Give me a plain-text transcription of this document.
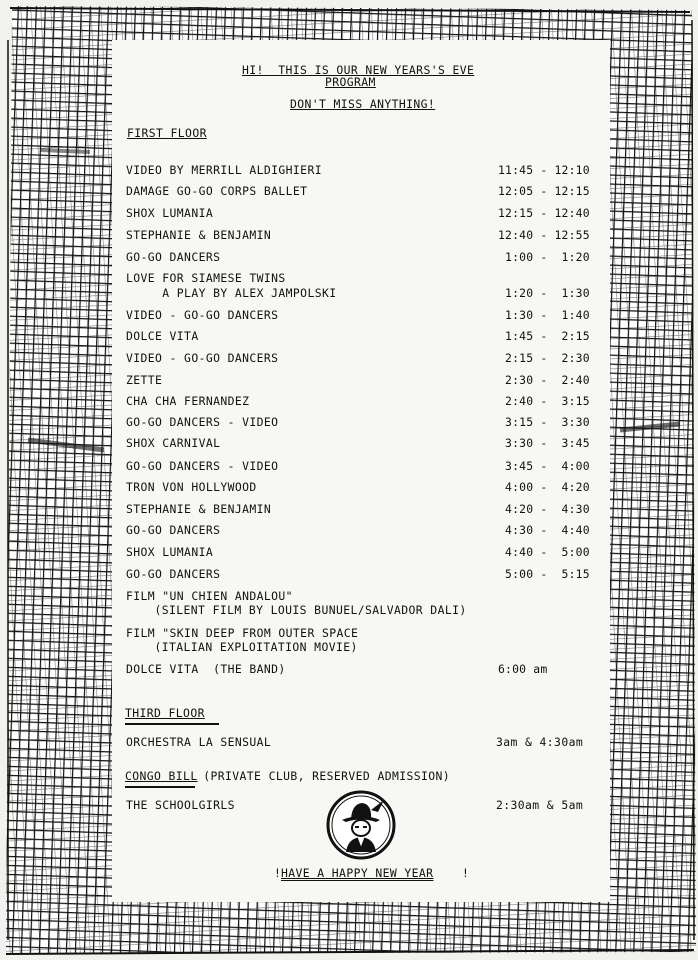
HI!  THIS IS OUR NEW YEARS'S EVE
PROGRAM
DON'T MISS ANYTHING!
FIRST FLOOR
VIDEO BY MERRILL ALDIGHIERI	11:45 - 12:10
DAMAGE GO-GO CORPS BALLET	12:05 - 12:15
SHOX LUMANIA	12:15 - 12:40
STEPHANIE & BENJAMIN	12:40 - 12:55
GO-GO DANCERS	1:00 -  1:20
LOVE FOR SIAMESE TWINS
A PLAY BY ALEX JAMPOLSKI	1:20 -  1:30
VIDEO - GO-GO DANCERS	1:30 -  1:40
DOLCE VITA	1:45 -  2:15
VIDEO - GO-GO DANCERS	2:15 -  2:30
ZETTE	2:30 -  2:40
CHA CHA FERNANDEZ	2:40 -  3:15
GO-GO DANCERS - VIDEO	3:15 -  3:30
SHOX CARNIVAL	3:30 -  3:45
GO-GO DANCERS - VIDEO	3:45 -  4:00
TRON VON HOLLYWOOD	4:00 -  4:20
STEPHANIE & BENJAMIN	4:20 -  4:30
GO-GO DANCERS	4:30 -  4:40
SHOX LUMANIA	4:40 -  5:00
GO-GO DANCERS	5:00 -  5:15
FILM "UN CHIEN ANDALOU"
(SILENT FILM BY LOUIS BUNUEL/SALVADOR DALI)
FILM "SKIN DEEP FROM OUTER SPACE
(ITALIAN EXPLOITATION MOVIE)
DOLCE VITA  (THE BAND)	6:00 am
THIRD FLOOR
ORCHESTRA LA SENSUAL	3am & 4:30am
CONGO BILL
(PRIVATE CLUB, RESERVED ADMISSION)
THE SCHOOLGIRLS	2:30am & 5am
! HAVE A HAPPY NEW YEAR	!
